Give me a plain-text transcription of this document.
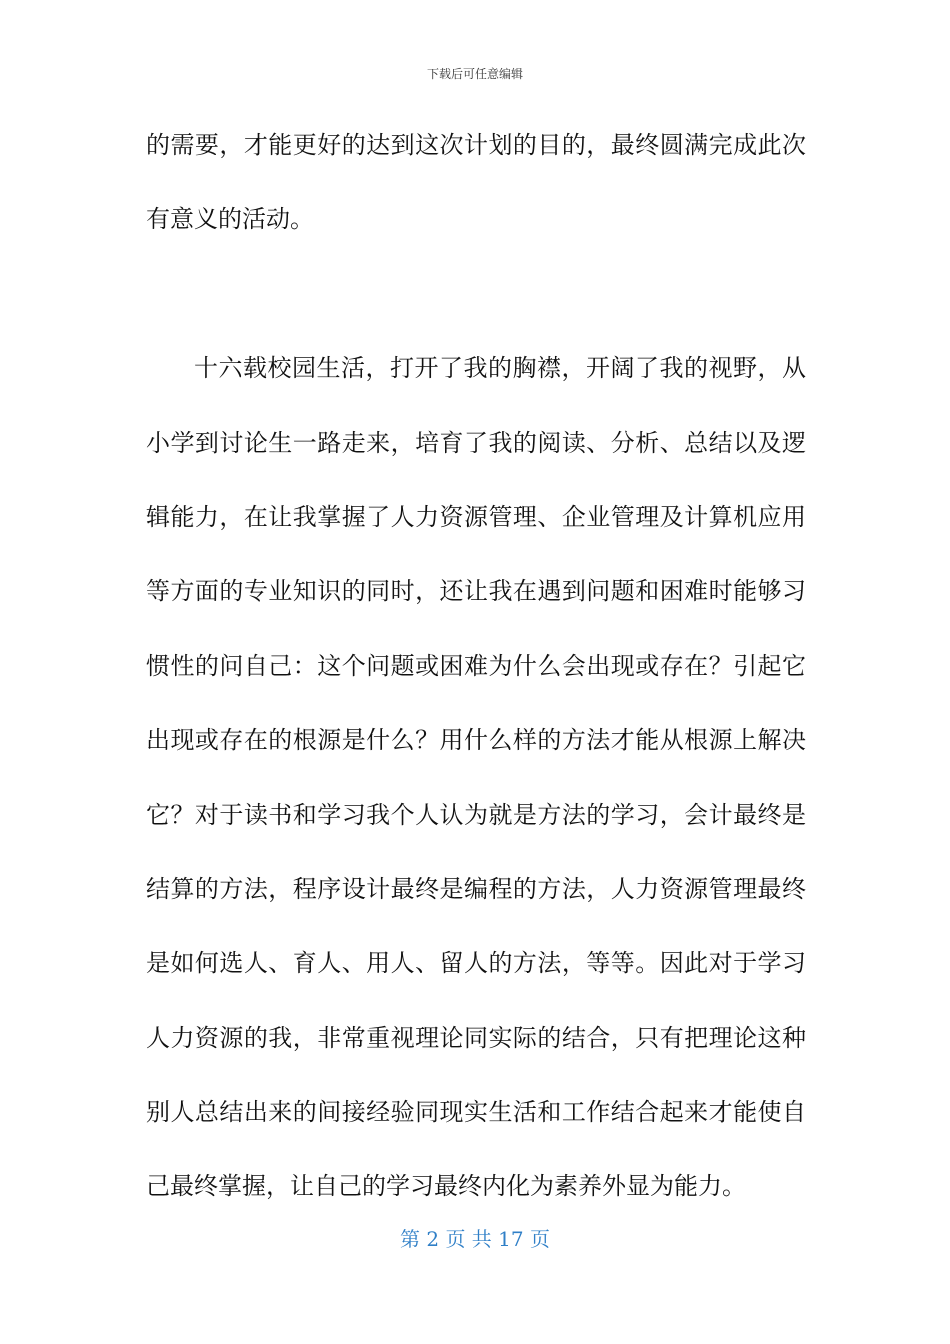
下载后可任意编辑
的需要，才能更好的达到这次计划的目的，最终圆满完成此次
有意义的活动。
十六载校园生活，打开了我的胸襟，开阔了我的视野，从
小学到讨论生一路走来，培育了我的阅读、分析、总结以及逻
辑能力，在让我掌握了人力资源管理、企业管理及计算机应用
等方面的专业知识的同时，还让我在遇到问题和困难时能够习
惯性的问自己：这个问题或困难为什么会出现或存在？引起它
出现或存在的根源是什么？用什么样的方法才能从根源上解决
它？对于读书和学习我个人认为就是方法的学习，会计最终是
结算的方法，程序设计最终是编程的方法，人力资源管理最终
是如何选人、育人、用人、留人的方法，等等。因此对于学习
人力资源的我，非常重视理论同实际的结合，只有把理论这种
别人总结出来的间接经验同现实生活和工作结合起来才能使自
己最终掌握，让自己的学习最终内化为素养外显为能力。
第 2 页 共 17 页
